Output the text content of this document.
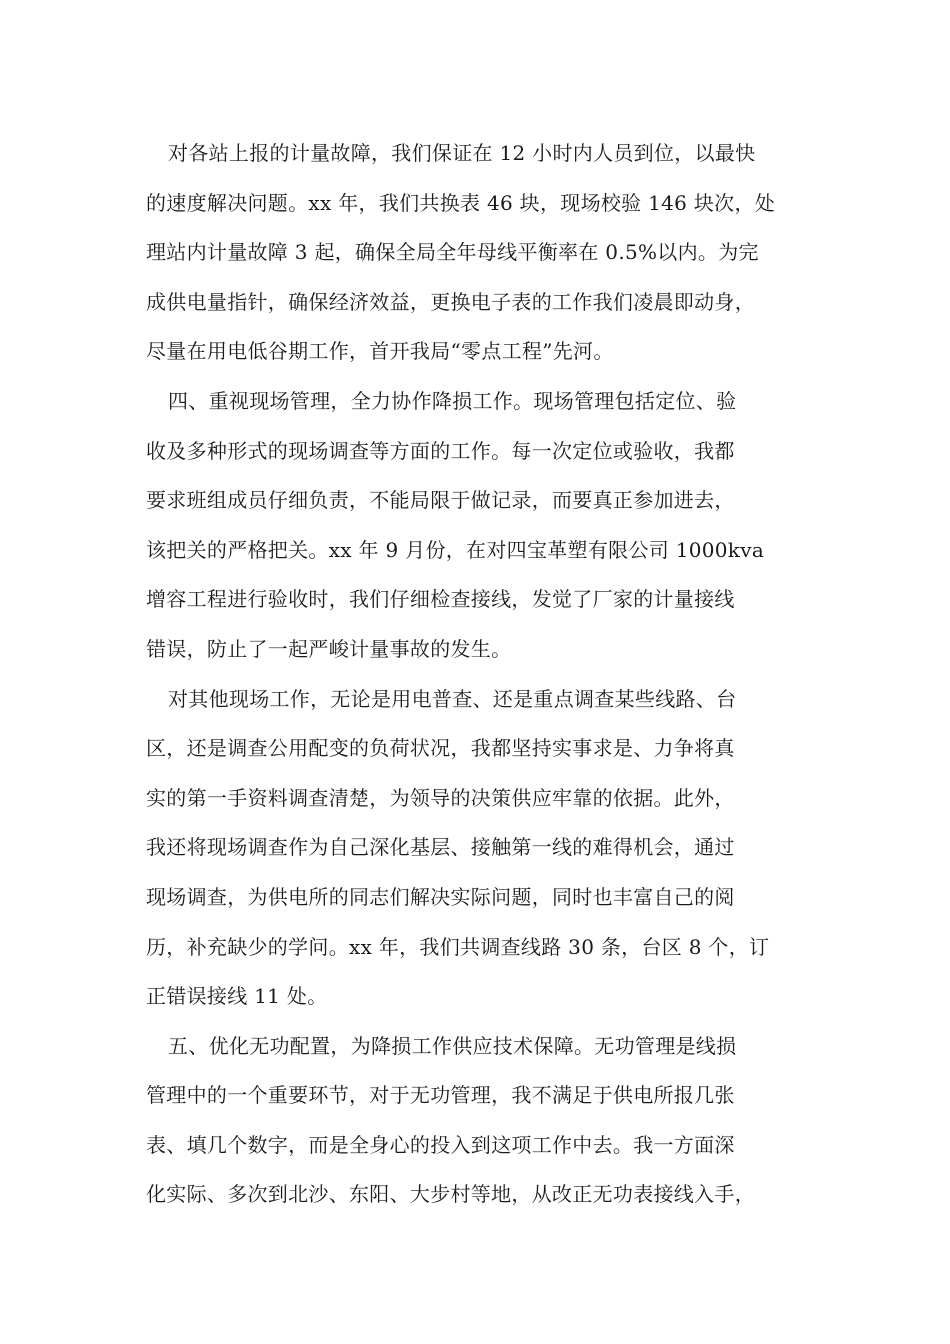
对各站上报的计量故障，我们保证在 12 小时内人员到位，以最快
的速度解决问题。xx 年，我们共换表 46 块，现场校验 146 块次，处
理站内计量故障 3 起，确保全局全年母线平衡率在 0.5%以内。为完
成供电量指针，确保经济效益，更换电子表的工作我们凌晨即动身，
尽量在用电低谷期工作，首开我局“零点工程”先河。
四、重视现场管理，全力协作降损工作。现场管理包括定位、验
收及多种形式的现场调查等方面的工作。每一次定位或验收，我都
要求班组成员仔细负责，不能局限于做记录，而要真正参加进去，
该把关的严格把关。xx 年 9 月份，在对四宝革塑有限公司 1000kva
增容工程进行验收时，我们仔细检查接线，发觉了厂家的计量接线
错误，防止了一起严峻计量事故的发生。
对其他现场工作，无论是用电普查、还是重点调查某些线路、台
区，还是调查公用配变的负荷状况，我都坚持实事求是、力争将真
实的第一手资料调查清楚，为领导的决策供应牢靠的依据。此外，
我还将现场调查作为自己深化基层、接触第一线的难得机会，通过
现场调查，为供电所的同志们解决实际问题，同时也丰富自己的阅
历，补充缺少的学问。xx 年，我们共调查线路 30 条，台区 8 个，订
正错误接线 11 处。
五、优化无功配置，为降损工作供应技术保障。无功管理是线损
管理中的一个重要环节，对于无功管理，我不满足于供电所报几张
表、填几个数字，而是全身心的投入到这项工作中去。我一方面深
化实际、多次到北沙、东阳、大步村等地，从改正无功表接线入手，
